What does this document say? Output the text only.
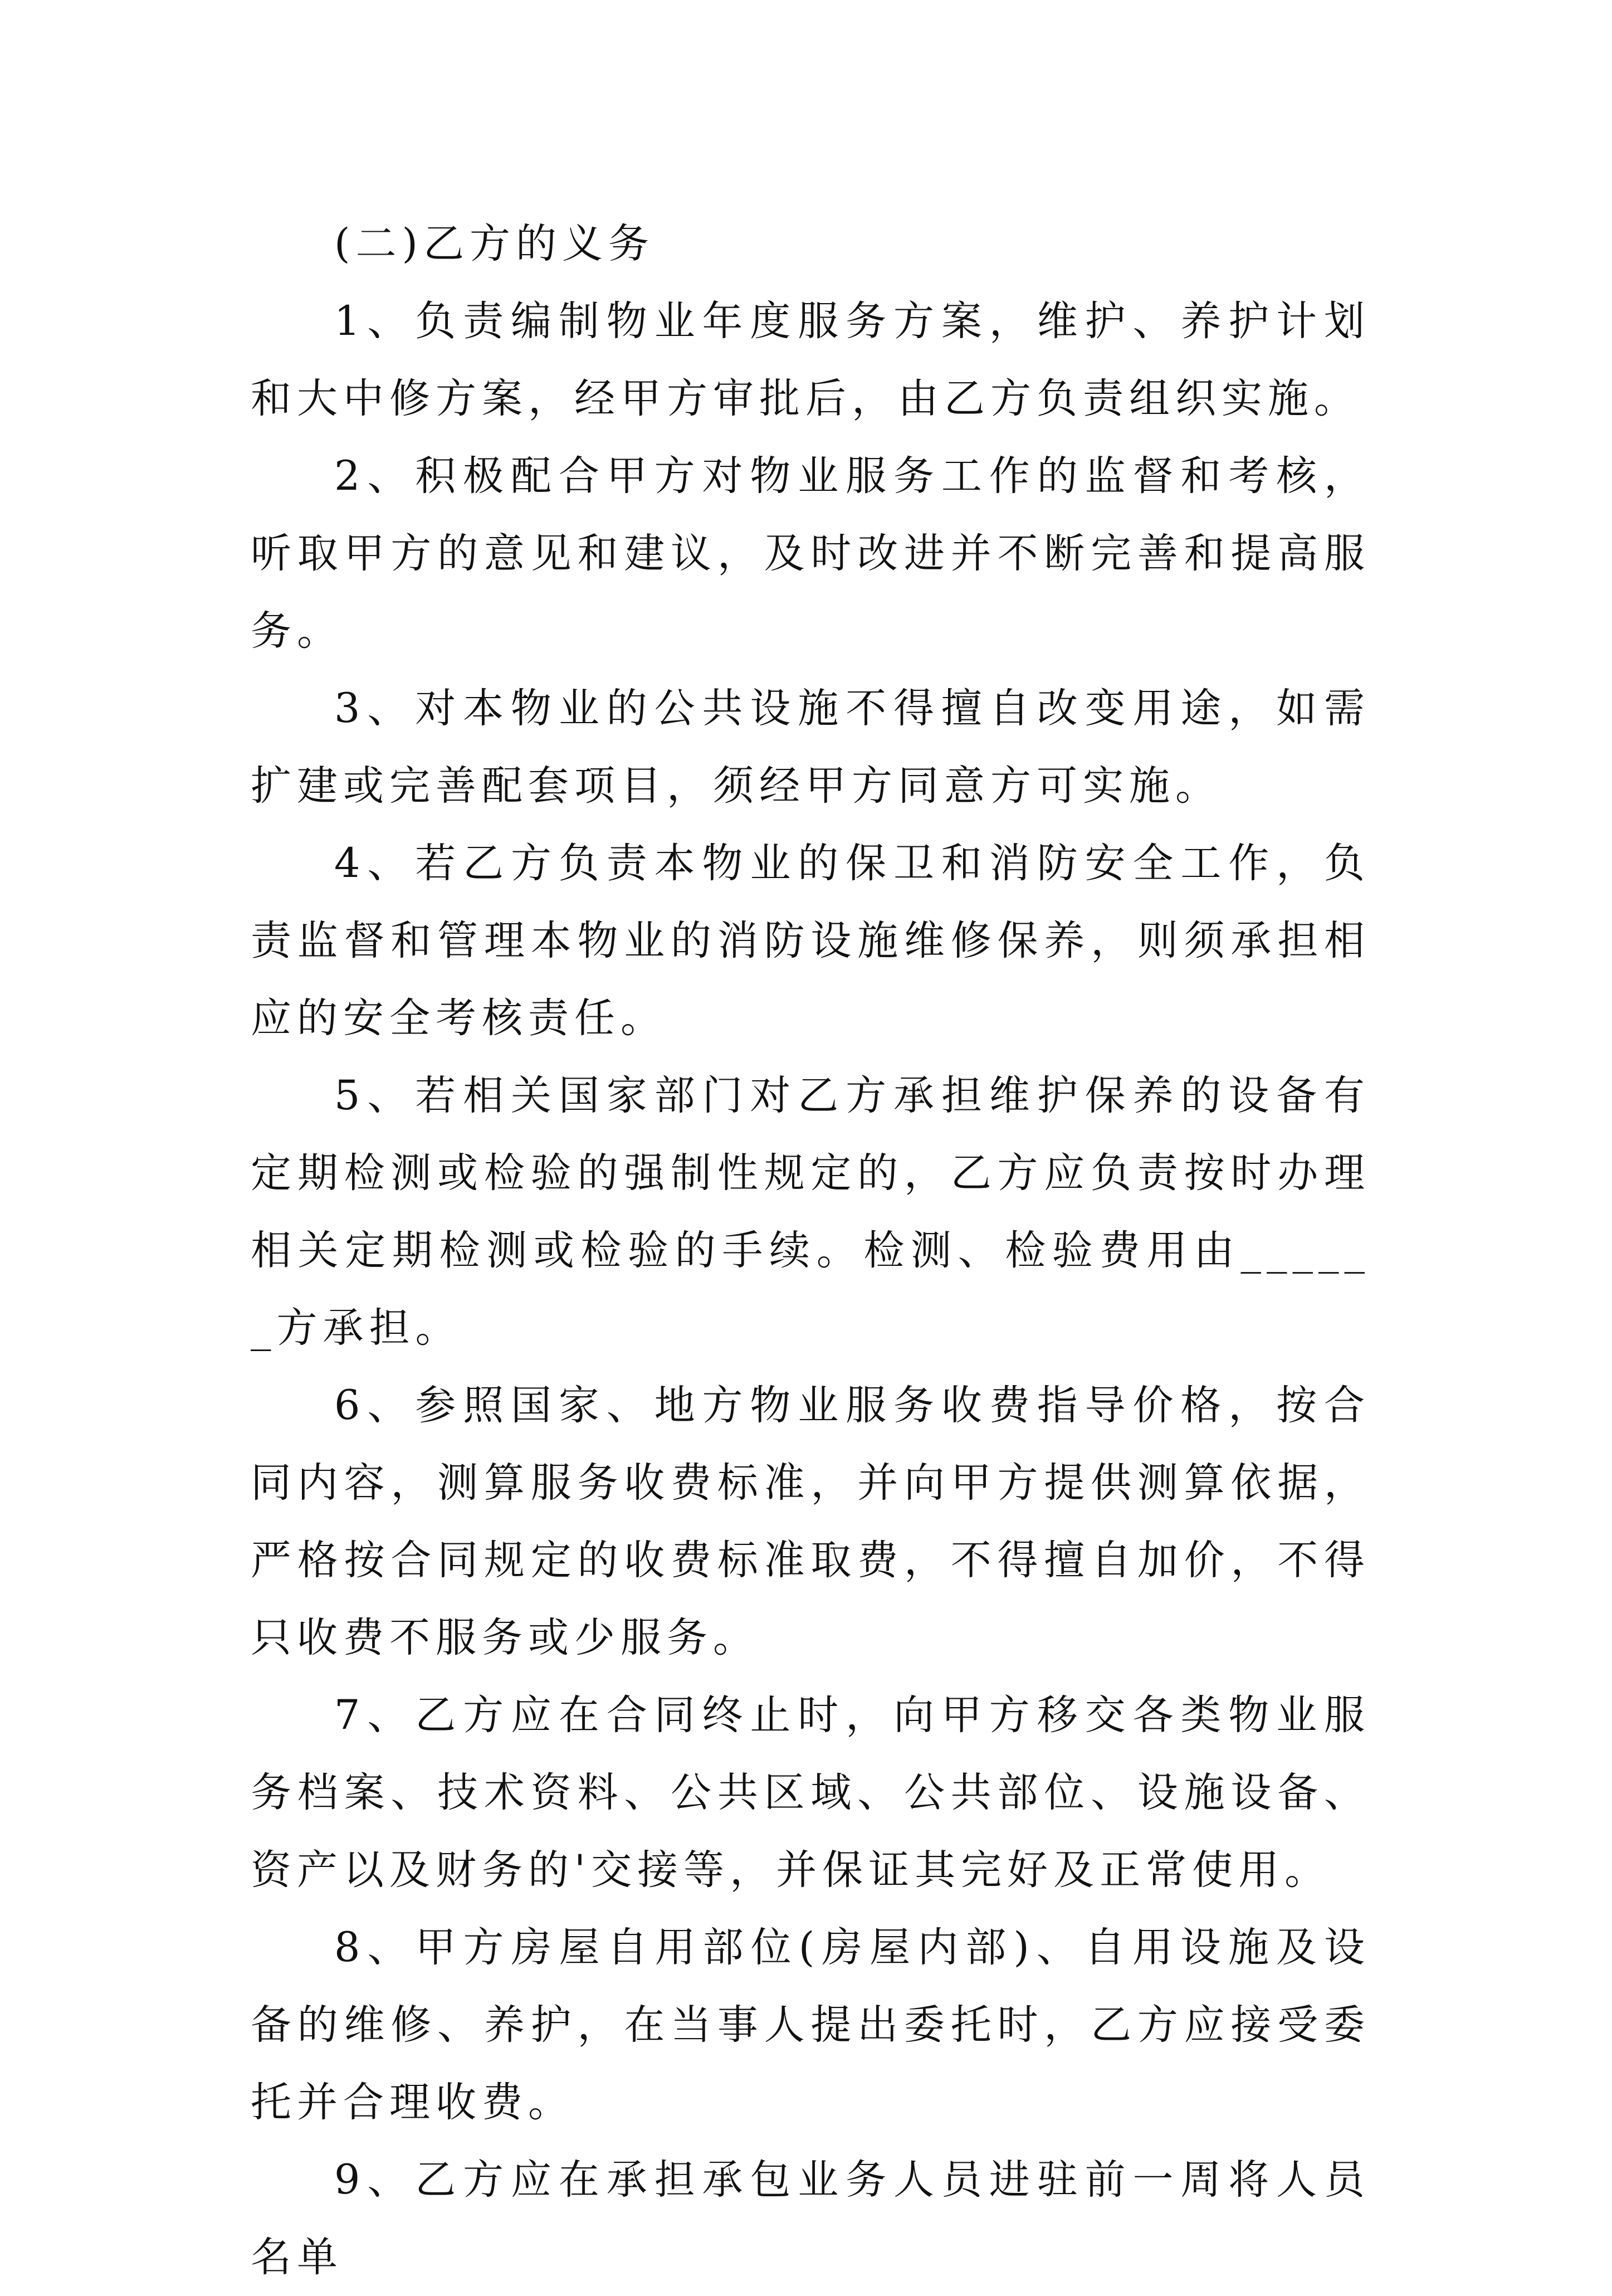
(二)乙方的义务

1、负责编制物业年度服务方案，维护、养护计划和大中修方案，经甲方审批后，由乙方负责组织实施。

2、积极配合甲方对物业服务工作的监督和考核，听取甲方的意见和建议，及时改进并不断完善和提高服务。

3、对本物业的公共设施不得擅自改变用途，如需扩建或完善配套项目，须经甲方同意方可实施。

4、若乙方负责本物业的保卫和消防安全工作，负责监督和管理本物业的消防设施维修保养，则须承担相应的安全考核责任。

5、若相关国家部门对乙方承担维护保养的设备有定期检测或检验的强制性规定的，乙方应负责按时办理相关定期检测或检验的手续。检测、检验费用由______方承担。

6、参照国家、地方物业服务收费指导价格，按合同内容，测算服务收费标准，并向甲方提供测算依据，严格按合同规定的收费标准取费，不得擅自加价，不得只收费不服务或少服务。

7、乙方应在合同终止时，向甲方移交各类物业服务档案、技术资料、公共区域、公共部位、设施设备、资产以及财务的'交接等，并保证其完好及正常使用。

8、甲方房屋自用部位(房屋内部)、自用设施及设备的维修、养护，在当事人提出委托时，乙方应接受委托并合理收费。

9、乙方应在承担承包业务人员进驻前一周将人员名单
